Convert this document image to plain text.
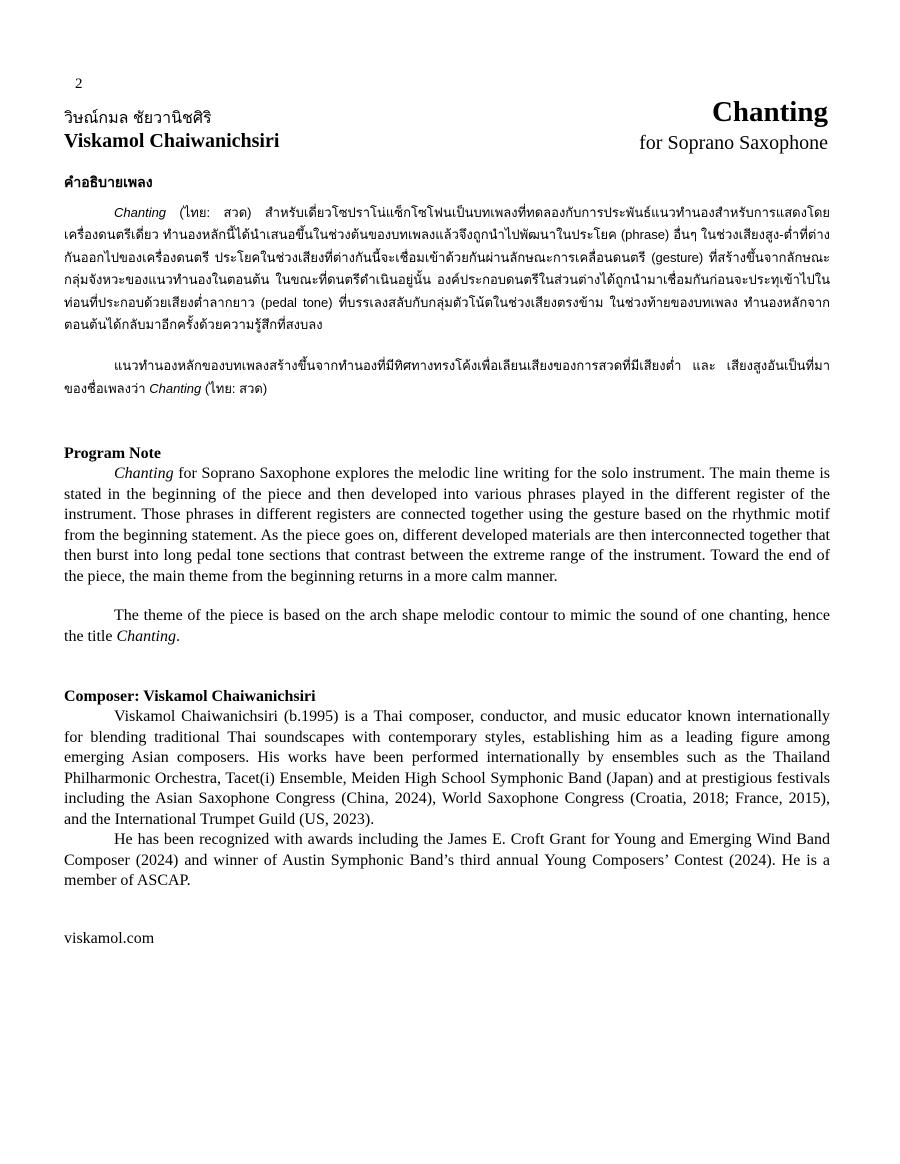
2
วิษณ์กมล ชัยวานิชศิริ
Viskamol Chaiwanichsiri
Chanting
for Soprano Saxophone
คำอธิบายเพลง

Chanting (ไทย: สวด) สำหรับเดี่ยวโซปราโน่แซ็กโซโฟนเป็นบทเพลงที่ทดลองกับการประพันธ์แนวทำนองสำหรับการแสดงโดยเครื่องดนตรีเดี่ยว ทำนองหลักนี้ได้นำเสนอขึ้นในช่วงต้นของบทเพลงแล้วจึงถูกนำไปพัฒนาในประโยค (phrase) อื่นๆ ในช่วงเสียงสูง-ต่ำที่ต่างกันออกไปของเครื่องดนตรี ประโยคในช่วงเสียงที่ต่างกันนี้จะเชื่อมเข้าด้วยกันผ่านลักษณะการเคลื่อนดนตรี (gesture) ที่สร้างขึ้นจากลักษณะกลุ่มจังหวะของแนวทำนองในตอนต้น ในขณะที่ดนตรีดำเนินอยู่นั้น องค์ประกอบดนตรีในส่วนต่างได้ถูกนำมาเชื่อมกันก่อนจะประทุเข้าไปในท่อนที่ประกอบด้วยเสียงต่ำลากยาว (pedal tone) ที่บรรเลงสลับกับกลุ่มตัวโน้ตในช่วงเสียงตรงข้าม ในช่วงท้ายของบทเพลง ทำนองหลักจากตอนต้นได้กลับมาอีกครั้งด้วยความรู้สึกที่สงบลง

แนวทำนองหลักของบทเพลงสร้างขึ้นจากทำนองที่มีทิศทางทรงโค้งเพื่อเลียนเสียงของการสวดที่มีเสียงต่ำ และ เสียงสูงอันเป็นที่มาของชื่อเพลงว่า Chanting (ไทย: สวด)

Program Note

Chanting for Soprano Saxophone explores the melodic line writing for the solo instrument. The main theme is stated in the beginning of the piece and then developed into various phrases played in the different register of the instrument. Those phrases in different registers are connected together using the gesture based on the rhythmic motif from the beginning statement. As the piece goes on, different developed materials are then interconnected together that then burst into long pedal tone sections that contrast between the extreme range of the instrument. Toward the end of the piece, the main theme from the beginning returns in a more calm manner.

The theme of the piece is based on the arch shape melodic contour to mimic the sound of one chanting, hence the title Chanting.

Composer: Viskamol Chaiwanichsiri

Viskamol Chaiwanichsiri (b.1995) is a Thai composer, conductor, and music educator known internationally for blending traditional Thai soundscapes with contemporary styles, establishing him as a leading figure among emerging Asian composers. His works have been performed internationally by ensembles such as the Thailand Philharmonic Orchestra, Tacet(i) Ensemble, Meiden High School Symphonic Band (Japan) and at prestigious festivals including the Asian Saxophone Congress (China, 2024), World Saxophone Congress (Croatia, 2018; France, 2015), and the International Trumpet Guild (US, 2023).

He has been recognized with awards including the James E. Croft Grant for Young and Emerging Wind Band Composer (2024) and winner of Austin Symphonic Band’s third annual Young Composers’ Contest (2024). He is a member of ASCAP.

viskamol.com
